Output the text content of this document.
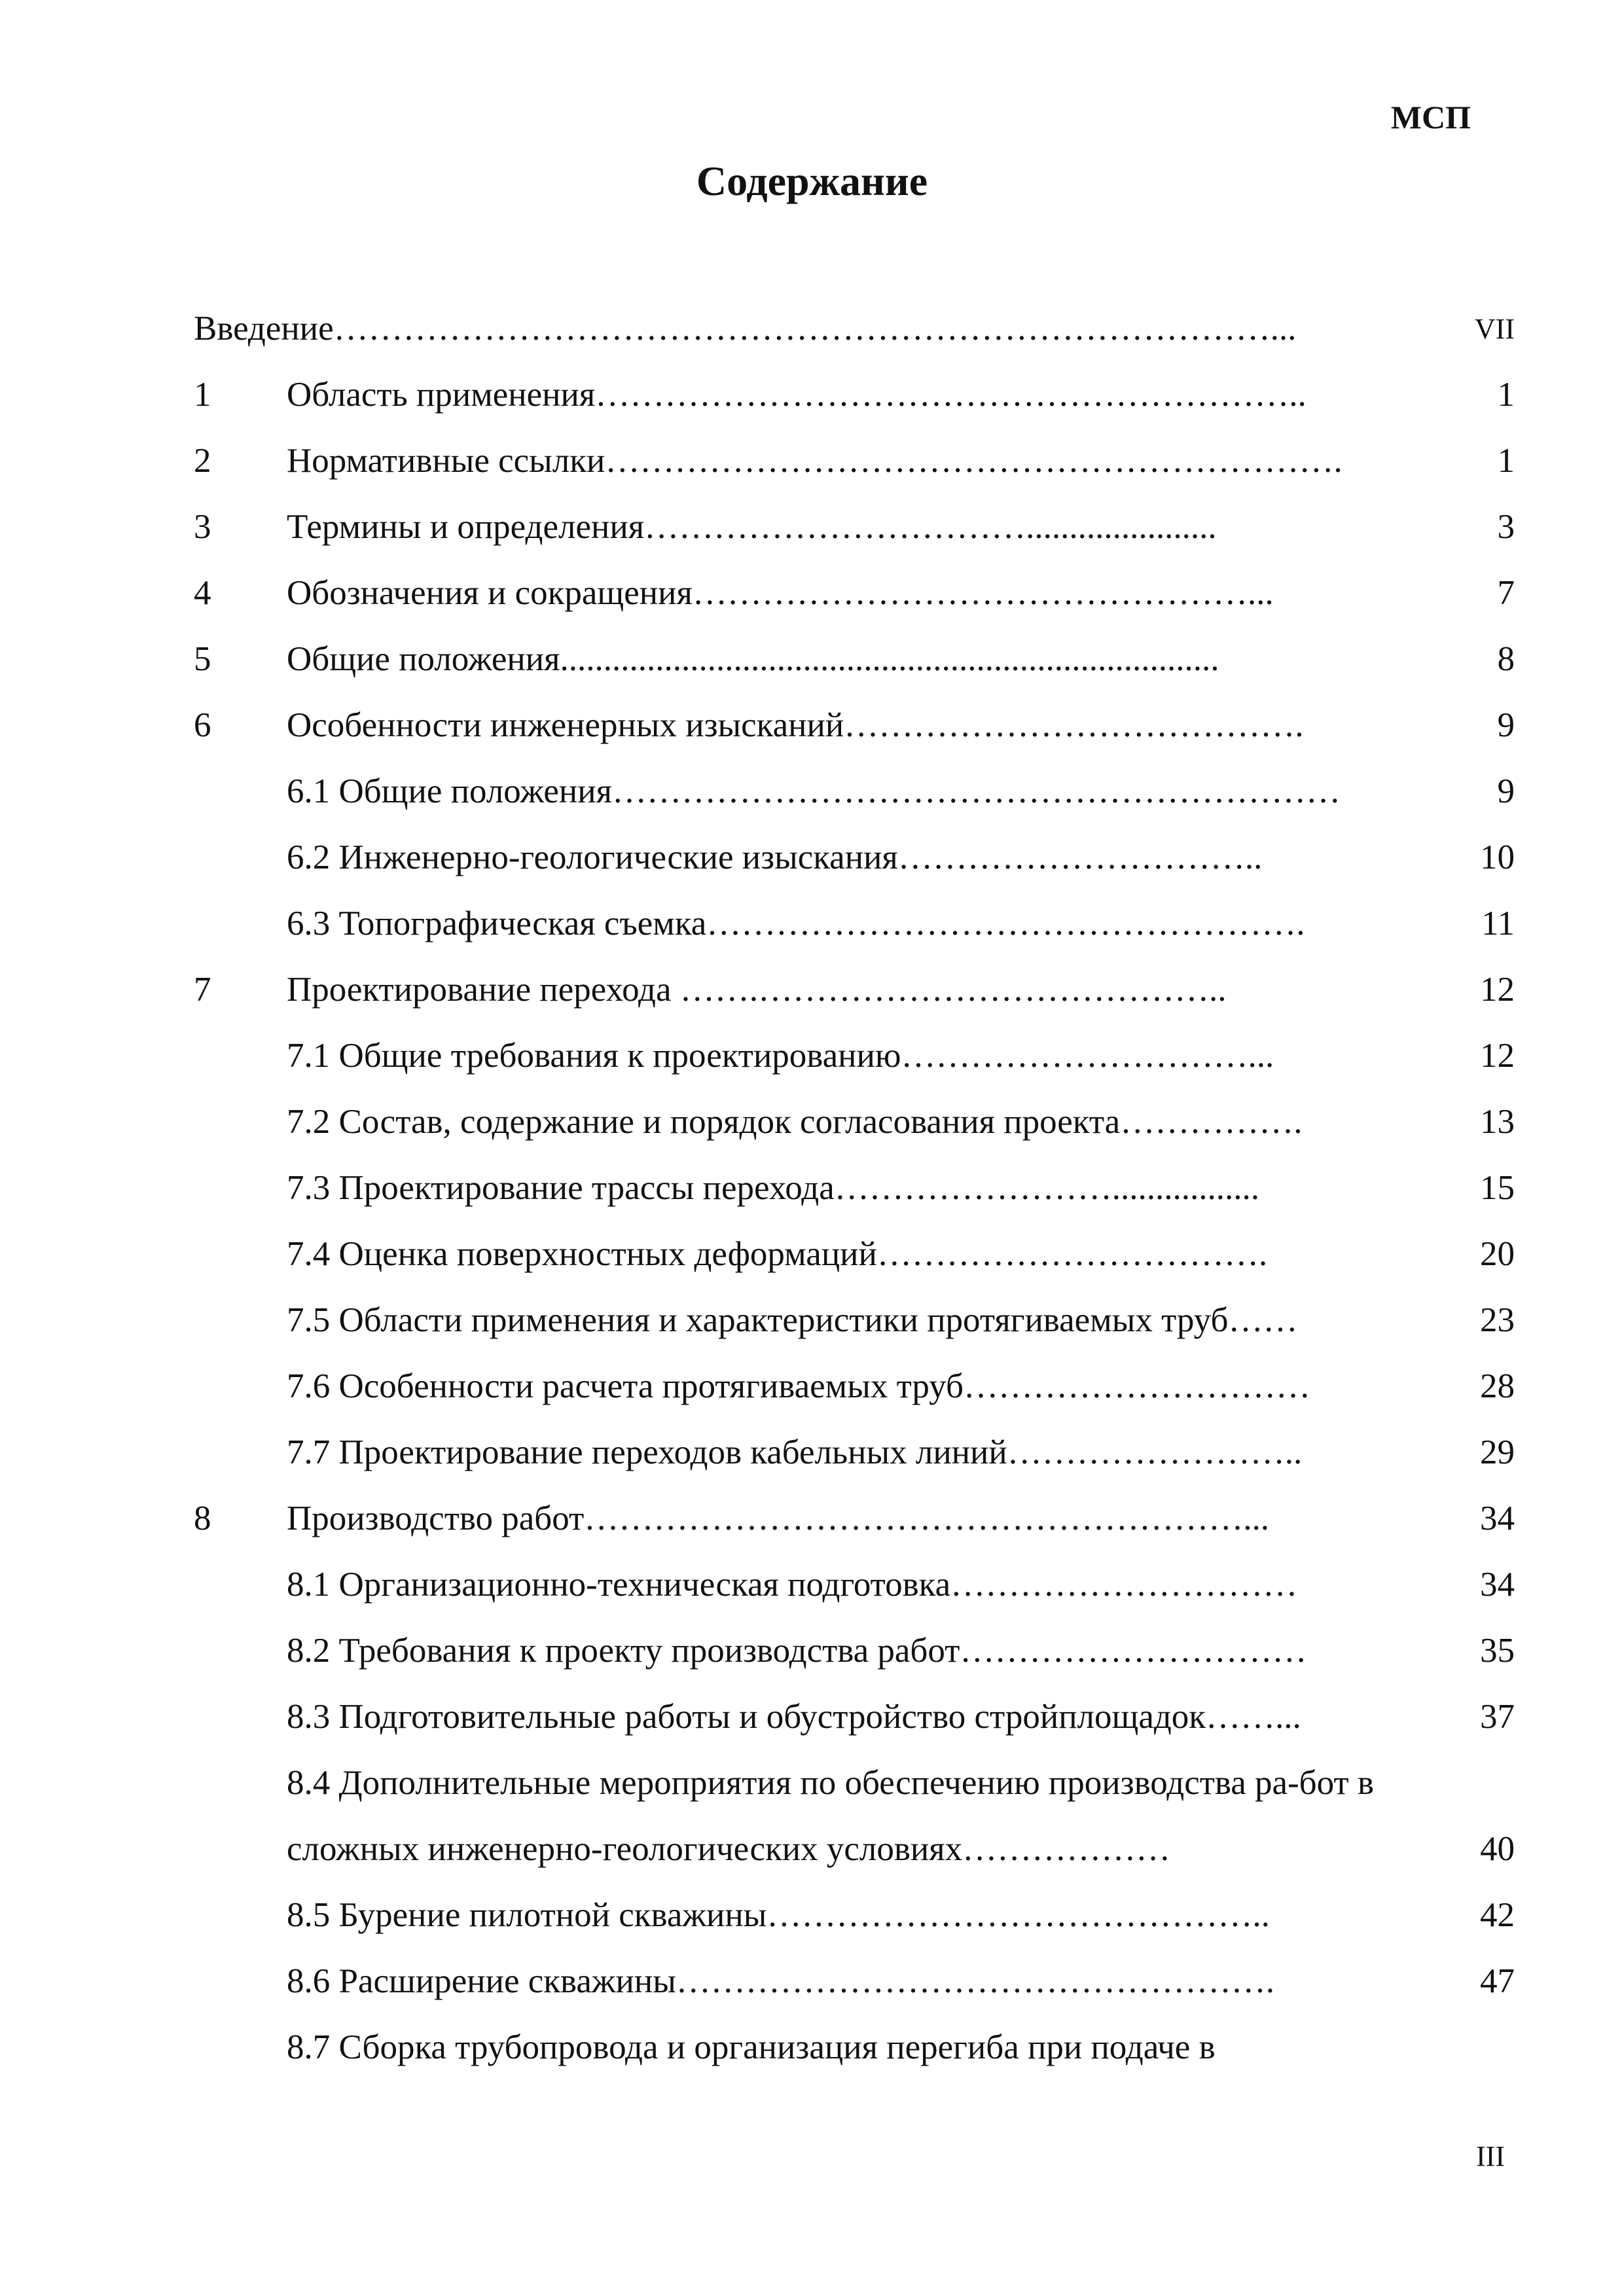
МСП
Содержание
Введение………………………………………………………………………...	VII
1 Область применения……………………………………………………..	1
2 Нормативные ссылки……………………………………………………….	1
3 Термины и определения……………………………......................	3
4 Обозначения и сокращения…………………………………………...	7
5 Общие положения............................................................................	8
6 Особенности инженерных изысканий………………………………….	9
6.1 Общие положения………………………………………………………	9
6.2 Инженерно-геологические изыскания…………………………..	10
6.3 Топографическая съемка…………………………………………….	11
7 Проектирование перехода …….…………………………………..	12
7.1 Общие требования к проектированию…………………………...	12
7.2 Состав, содержание и порядок согласования проекта…………….	13
7.3 Проектирование трассы перехода…………………….................	15
7.4 Оценка поверхностных деформаций…………………………….	20
7.5 Области применения и характеристики протягиваемых труб……	23
7.6 Особенности расчета протягиваемых труб…………………………	28
7.7 Проектирование переходов кабельных линий……………………..	29
8 Производство работ…………………………………………………...	34
8.1 Организационно-техническая подготовка…………………………	34
8.2 Требования к проекту производства работ…………………………	35
8.3 Подготовительные работы и обустройство стройплощадок……...	37
8.4 Дополнительные мероприятия по обеспечению производства ра-бот в сложных инженерно-геологических условиях………………	40
8.5 Бурение пилотной скважины……………………………………..	42
8.6 Расширение скважины…………………………………………….	47
8.7 Сборка трубопровода и организация перегиба при подаче в
III
